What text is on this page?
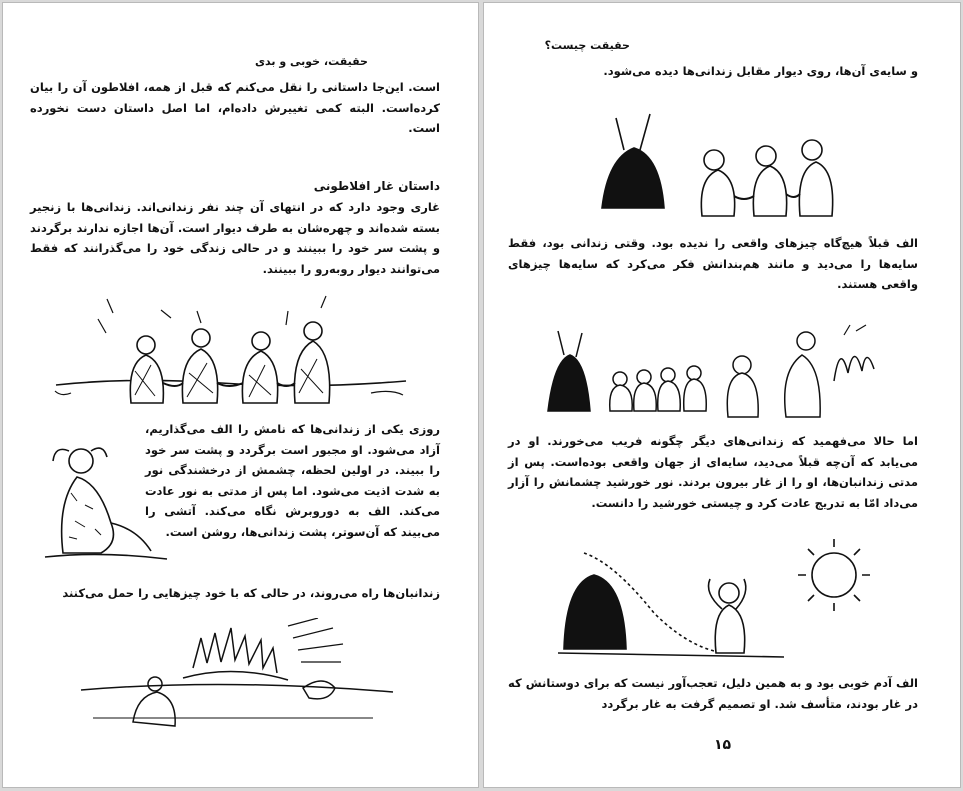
حقیقت، خوبی و بدی
است. این‌جا داستانی را نقل می‌کنم که قبل از همه، افلاطون آن را بیان کرده‌است. البته کمی تغییرش داده‌ام، اما اصل داستان دست نخورده است.
داستان غار افلاطونی
غاری وجود دارد که در انتهای آن چند نفر زندانی‌اند. زندانی‌ها با زنجیر بسته شده‌اند و چهره‌شان به طرف دیوار است. آن‌ها اجازه ندارند برگردند و پشت سر خود را ببینند و در حالی زندگی خود را می‌گذرانند که فقط می‌توانند دیوار روبه‌رو را ببینند.
روزی یکی از زندانی‌ها که نامش را الف می‌گذاریم، آزاد می‌شود. او مجبور است برگردد و پشت سر خود را ببیند. در اولین لحظه، چشمش از درخشندگی نور به شدت اذیت می‌شود. اما پس از مدتی به نور عادت می‌کند. الف به دوروبرش نگاه می‌کند. آتشی را می‌بیند که آن‌سوتر، پشت زندانی‌ها، روشن است.
زندانبان‌ها راه می‌روند، در حالی که با خود چیزهایی را حمل می‌کنند
حقیقت چیست؟
و سایه‌ی آن‌ها، روی دیوار مقابل زندانی‌ها دیده می‌شود.
الف قبلاً هیچ‌گاه چیزهای واقعی را ندیده بود. وقتی زندانی بود، فقط سایه‌ها را می‌دید و مانند هم‌بندانش فکر می‌کرد که سایه‌ها چیزهای واقعی هستند.
اما حالا می‌فهمید که زندانی‌های دیگر چگونه فریب می‌خورند. او در می‌یابد که آن‌چه قبلاً می‌دید، سایه‌ای از جهان واقعی بوده‌است. پس از مدتی زندانبان‌ها، او را از غار بیرون بردند. نور خورشید چشمانش را آزار می‌داد امّا به تدریج عادت کرد و چیستی خورشید را دانست.
الف آدم خوبی بود و به همین دلیل، تعجب‌آور نیست که برای دوستانش که در غار بودند، متأسف شد. او تصمیم گرفت به غار برگردد
۱۵
